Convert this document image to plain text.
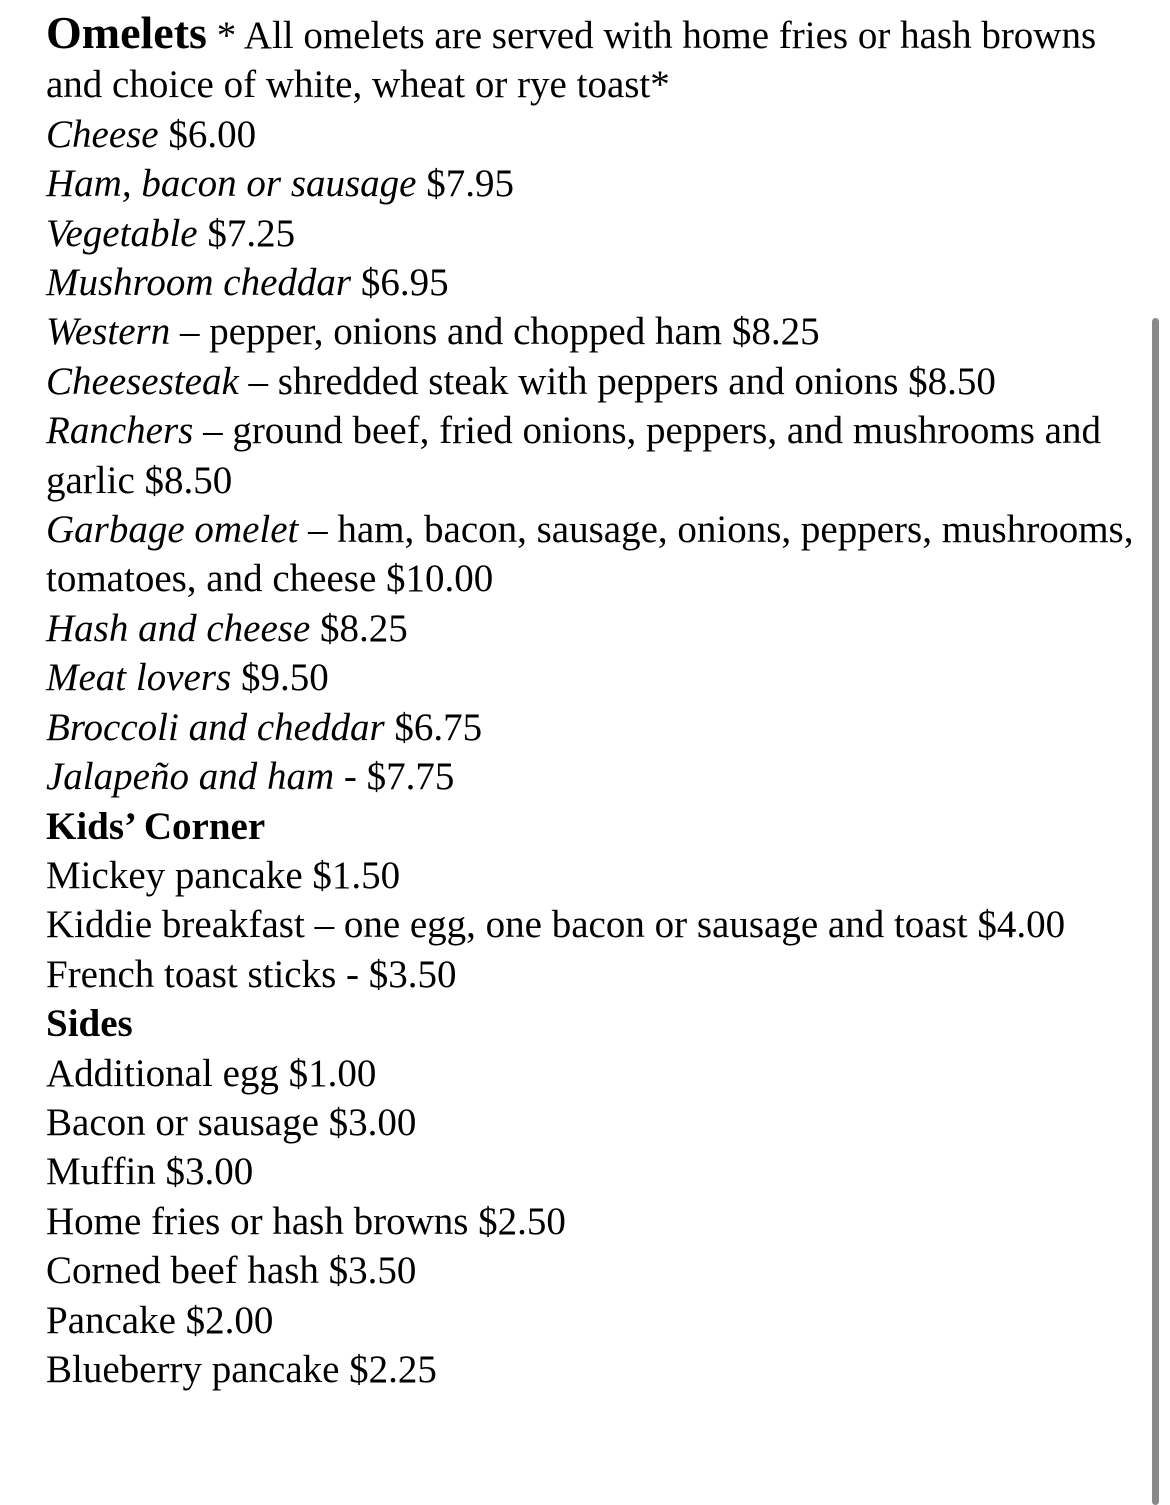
Omelets * All omelets are served with home fries or hash browns and choice of white, wheat or rye toast*
Cheese $6.00
Ham, bacon or sausage $7.95
Vegetable $7.25
Mushroom cheddar $6.95
Western – pepper, onions and chopped ham $8.25
Cheesesteak – shredded steak with peppers and onions $8.50
Ranchers – ground beef, fried onions, peppers, and mushrooms and garlic $8.50
Garbage omelet – ham, bacon, sausage, onions, peppers, mushrooms, tomatoes, and cheese $10.00
Hash and cheese $8.25
Meat lovers $9.50
Broccoli and cheddar $6.75
Jalapeño and ham - $7.75
Kids’ Corner
Mickey pancake $1.50
Kiddie breakfast – one egg, one bacon or sausage and toast $4.00
French toast sticks - $3.50
Sides
Additional egg $1.00
Bacon or sausage $3.00
Muffin $3.00
Home fries or hash browns $2.50
Corned beef hash $3.50
Pancake $2.00
Blueberry pancake $2.25
